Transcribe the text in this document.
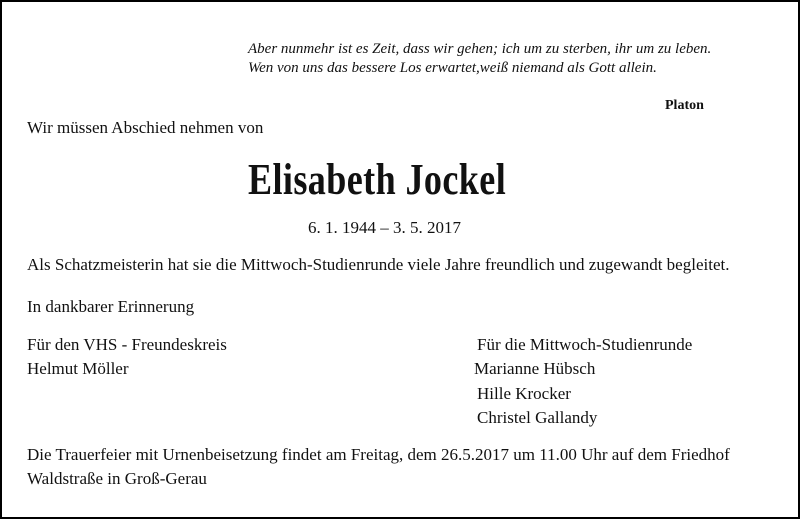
Aber nunmehr ist es Zeit, dass wir gehen; ich um zu sterben, ihr um zu leben.
Wen von uns das bessere Los erwartet,weiß niemand als Gott allein.
Platon
Wir müssen Abschied nehmen von
Elisabeth Jockel
6. 1. 1944 – 3. 5. 2017
Als Schatzmeisterin hat sie die Mittwoch-Studienrunde viele Jahre freundlich und zugewandt begleitet.
In dankbarer Erinnerung
Für den VHS - Freundeskreis
Helmut Möller
Für die Mittwoch-Studienrunde
Marianne Hübsch
Hille Krocker
Christel Gallandy
Die Trauerfeier mit Urnenbeisetzung findet am Freitag, dem 26.5.2017 um 11.00 Uhr auf dem Friedhof
Waldstraße in Groß-Gerau
